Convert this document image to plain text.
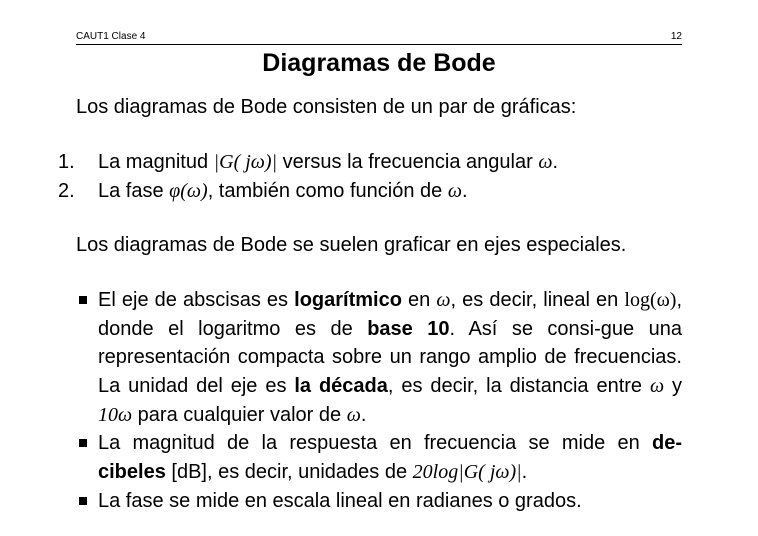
CAUT1 Clase 4	12
Diagramas de Bode
Los diagramas de Bode consisten de un par de gráficas:
1. La magnitud |G( jω)| versus la frecuencia angular ω.
2. La fase φ(ω), también como función de ω.
Los diagramas de Bode se suelen graficar en ejes especiales.
El eje de abscisas es logarítmico en ω, es decir, lineal en log(ω), donde el logaritmo es de base 10. Así se consi-gue una representación compacta sobre un rango amplio de frecuencias. La unidad del eje es la década, es decir, la distancia entre ω y 10ω para cualquier valor de ω.
La magnitud de la respuesta en frecuencia se mide en de-cibeles [dB], es decir, unidades de 20log|G( jω)|.
La fase se mide en escala lineal en radianes o grados.
